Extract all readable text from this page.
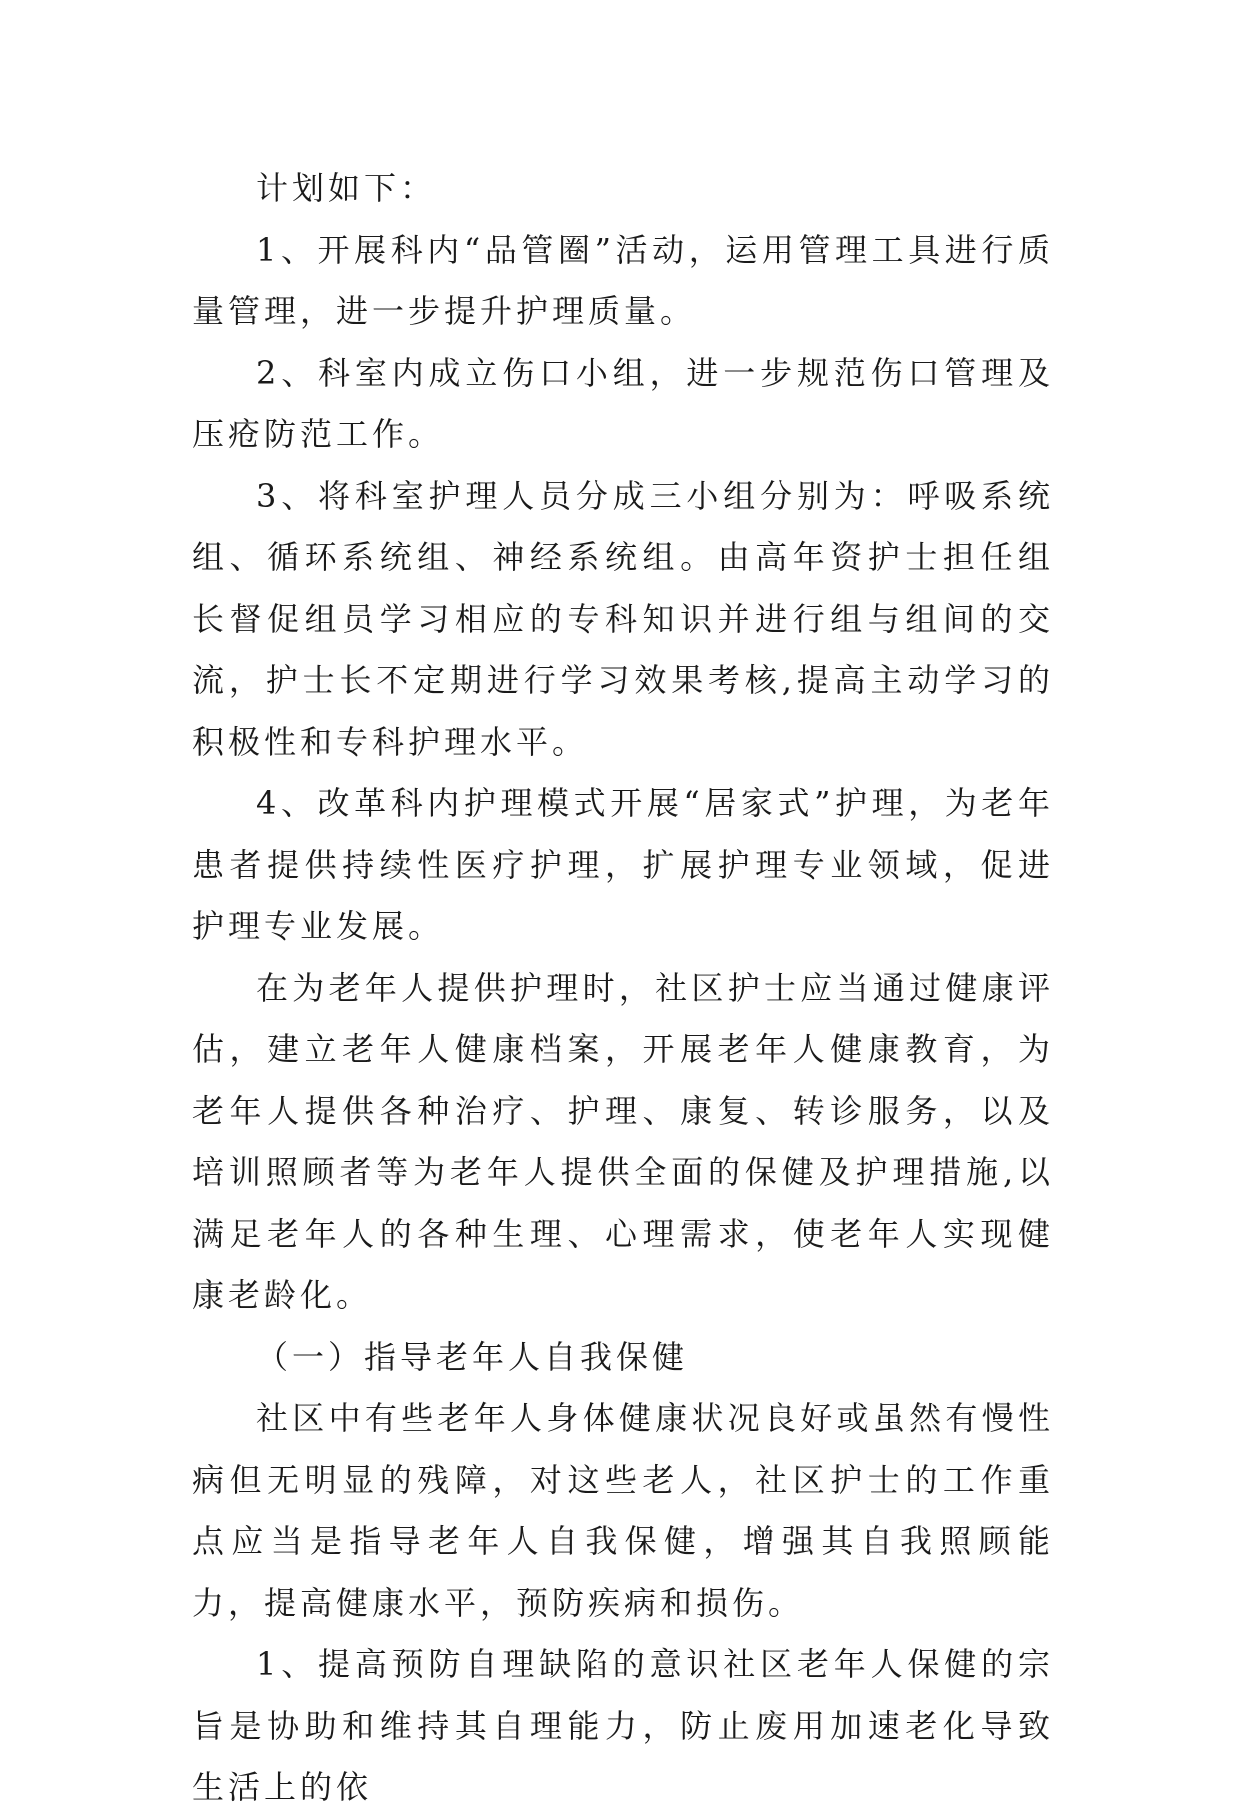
计划如下：

1、开展科内“品管圈”活动，运用管理工具进行质量管理，进一步提升护理质量。

2、科室内成立伤口小组，进一步规范伤口管理及压疮防范工作。

3、将科室护理人员分成三小组分别为：呼吸系统组、循环系统组、神经系统组。由高年资护士担任组长督促组员学习相应的专科知识并进行组与组间的交流，护士长不定期进行学习效果考核,提高主动学习的积极性和专科护理水平。

4、改革科内护理模式开展“居家式”护理，为老年患者提供持续性医疗护理，扩展护理专业领域，促进护理专业发展。

在为老年人提供护理时，社区护士应当通过健康评估，建立老年人健康档案，开展老年人健康教育，为老年人提供各种治疗、护理、康复、转诊服务，以及培训照顾者等为老年人提供全面的保健及护理措施,以满足老年人的各种生理、心理需求，使老年人实现健康老龄化。

（一）指导老年人自我保健

社区中有些老年人身体健康状况良好或虽然有慢性病但无明显的残障，对这些老人，社区护士的工作重点应当是指导老年人自我保健，增强其自我照顾能力，提高健康水平，预防疾病和损伤。

1、提高预防自理缺陷的意识社区老年人保健的宗旨是协助和维持其自理能力，防止废用加速老化导致生活上的依
